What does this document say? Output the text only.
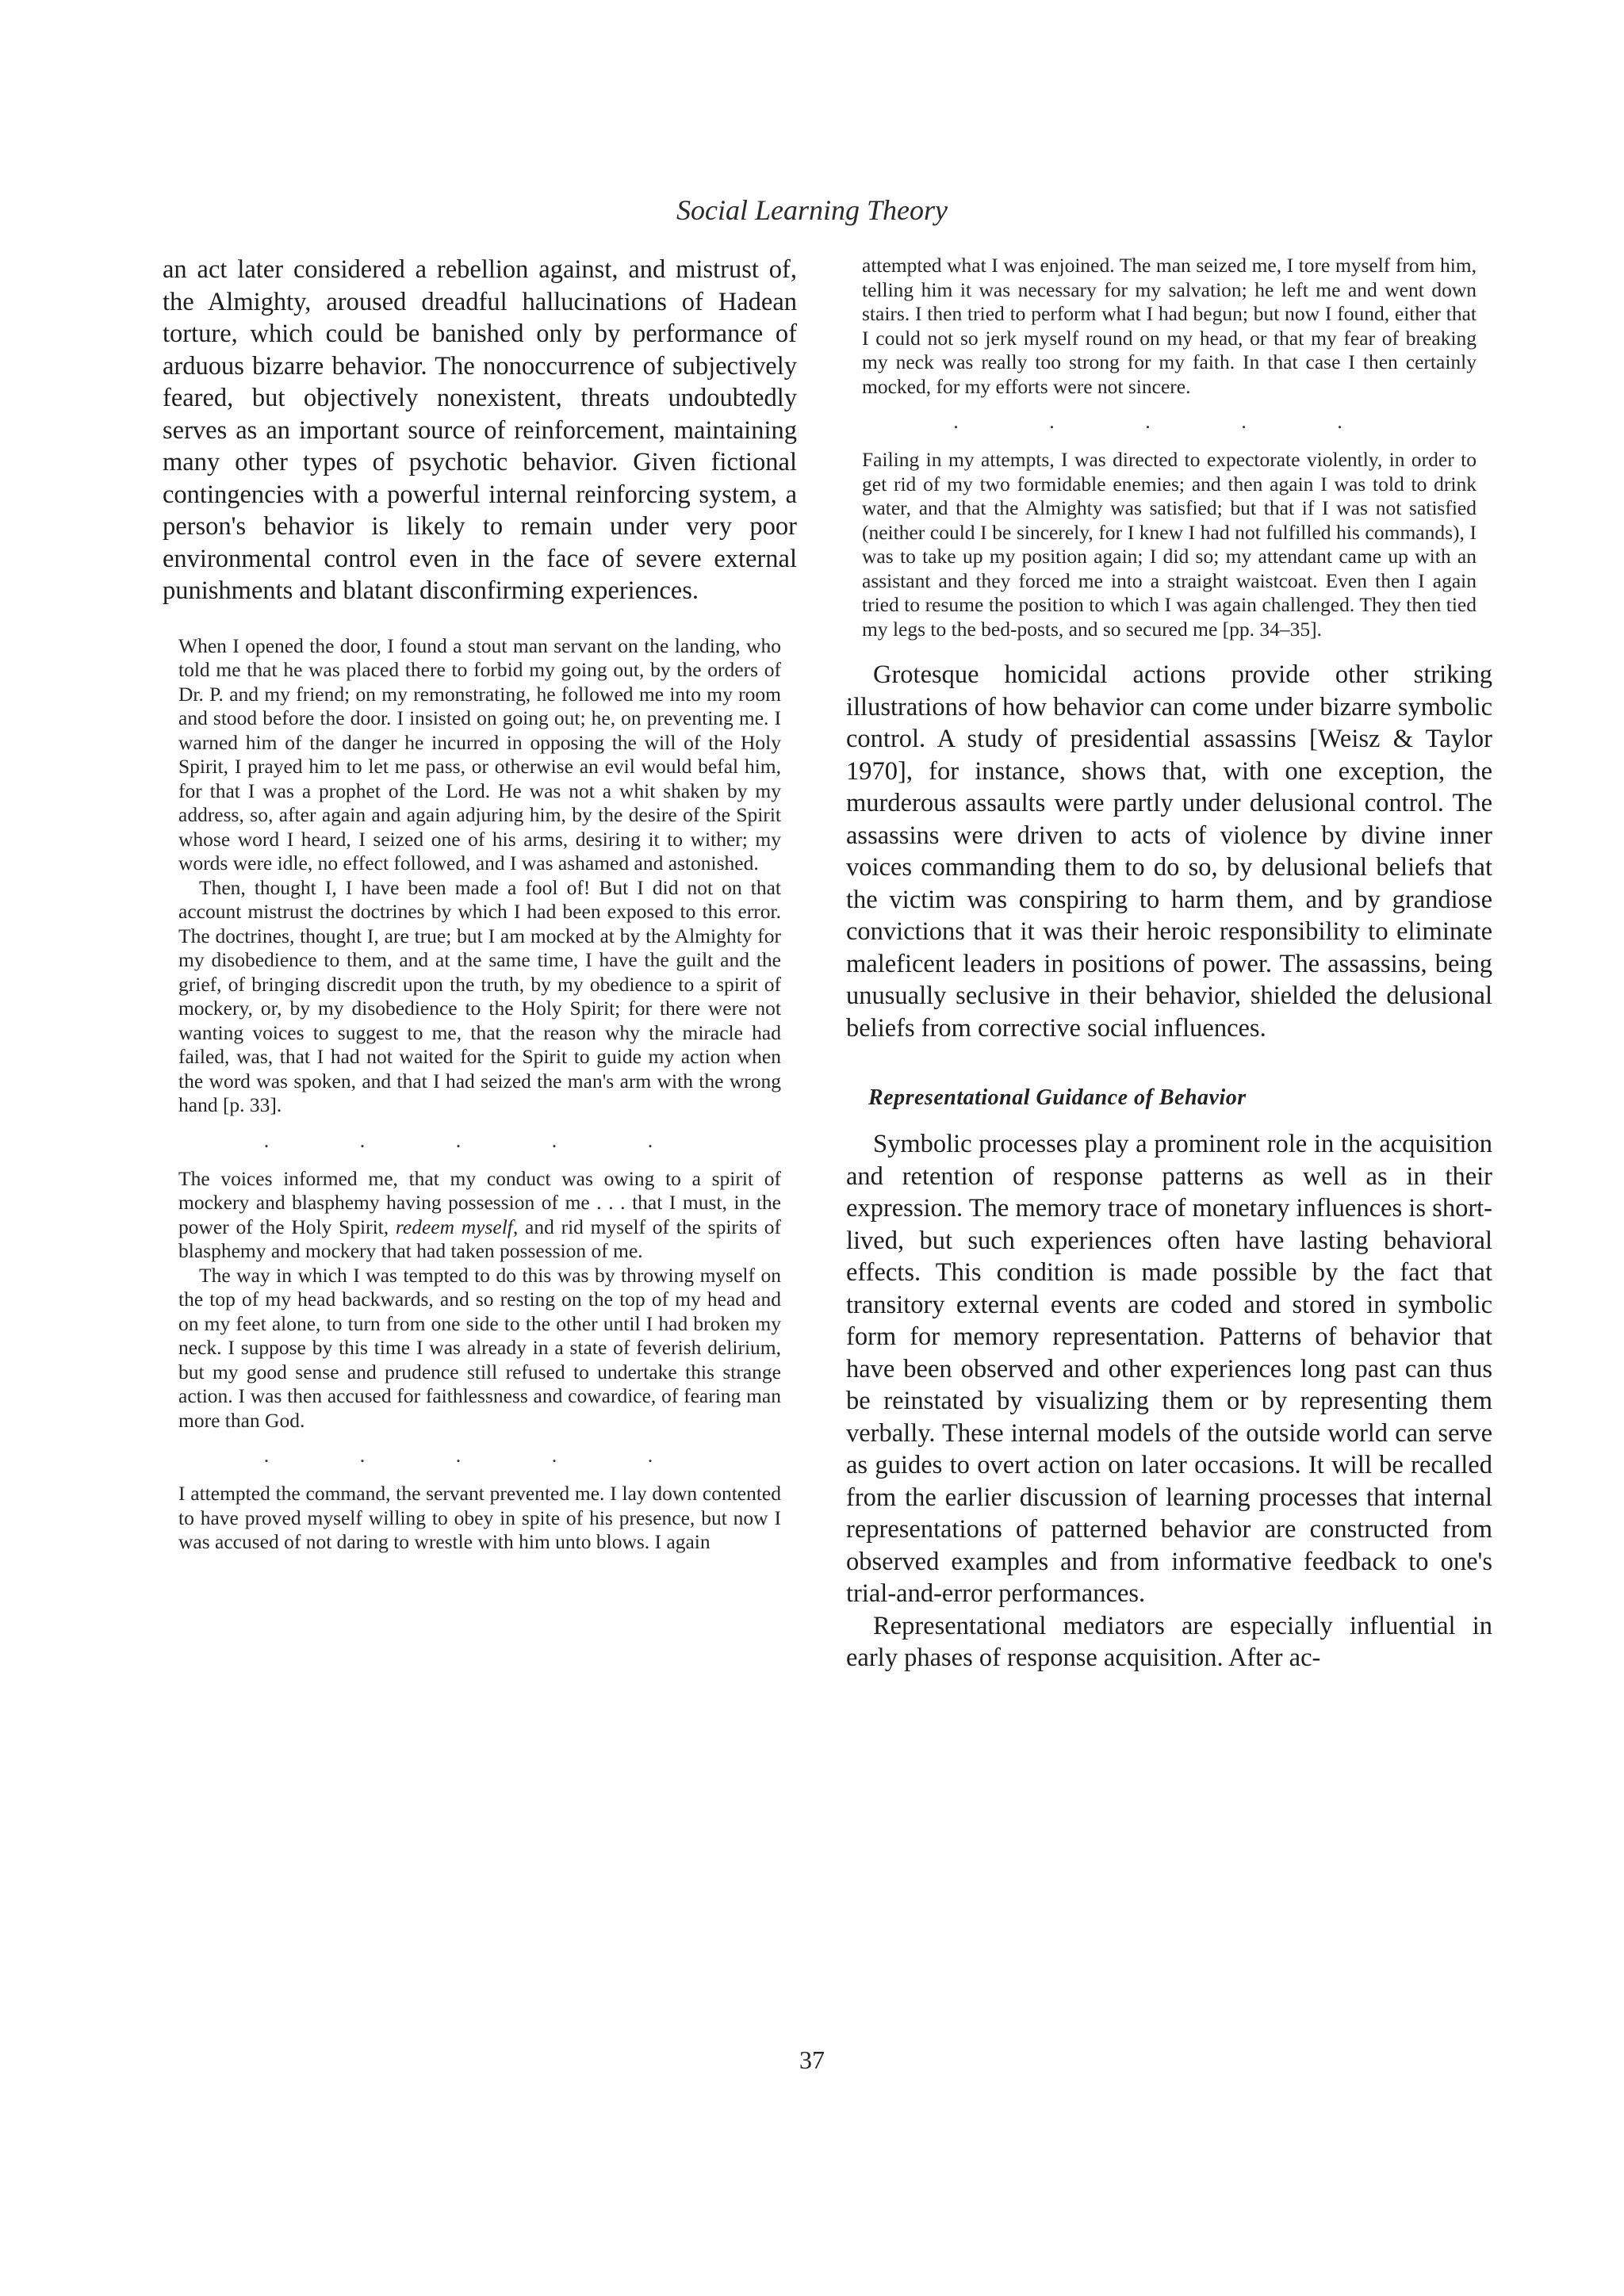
Social Learning Theory

an act later considered a rebellion against, and mistrust of, the Almighty, aroused dreadful hallucinations of Hadean torture, which could be banished only by performance of arduous bizarre behavior. The nonoccurrence of subjectively feared, but objectively nonexistent, threats undoubtedly serves as an important source of reinforcement, maintaining many other types of psychotic behavior. Given fictional contingencies with a powerful internal reinforcing system, a person's behavior is likely to remain under very poor environmental control even in the face of severe external punishments and blatant disconfirming experiences.

When I opened the door, I found a stout man servant on the landing, who told me that he was placed there to forbid my going out, by the orders of Dr. P. and my friend; on my remonstrating, he followed me into my room and stood before the door. I insisted on going out; he, on preventing me. I warned him of the danger he incurred in opposing the will of the Holy Spirit, I prayed him to let me pass, or otherwise an evil would befal him, for that I was a prophet of the Lord. He was not a whit shaken by my address, so, after again and again adjuring him, by the desire of the Spirit whose word I heard, I seized one of his arms, desiring it to wither; my words were idle, no effect followed, and I was ashamed and astonished.
Then, thought I, I have been made a fool of! But I did not on that account mistrust the doctrines by which I had been exposed to this error. The doctrines, thought I, are true; but I am mocked at by the Almighty for my disobedience to them, and at the same time, I have the guilt and the grief, of bringing discredit upon the truth, by my obedience to a spirit of mockery, or, by my disobedience to the Holy Spirit; for there were not wanting voices to suggest to me, that the reason why the miracle had failed, was, that I had not waited for the Spirit to guide my action when the word was spoken, and that I had seized the man's arm with the wrong hand [p. 33].
. . . . .
The voices informed me, that my conduct was owing to a spirit of mockery and blasphemy having possession of me . . . that I must, in the power of the Holy Spirit, redeem myself, and rid myself of the spirits of blasphemy and mockery that had taken possession of me.
The way in which I was tempted to do this was by throwing myself on the top of my head backwards, and so resting on the top of my head and on my feet alone, to turn from one side to the other until I had broken my neck. I suppose by this time I was already in a state of feverish delirium, but my good sense and prudence still refused to undertake this strange action. I was then accused for faithlessness and cowardice, of fearing man more than God.
. . . . .
I attempted the command, the servant prevented me. I lay down contented to have proved myself willing to obey in spite of his presence, but now I was accused of not daring to wrestle with him unto blows. I again
attempted what I was enjoined. The man seized me, I tore myself from him, telling him it was necessary for my salvation; he left me and went down stairs. I then tried to perform what I had begun; but now I found, either that I could not so jerk myself round on my head, or that my fear of breaking my neck was really too strong for my faith. In that case I then certainly mocked, for my efforts were not sincere.
. . . . .
Failing in my attempts, I was directed to expectorate violently, in order to get rid of my two formidable enemies; and then again I was told to drink water, and that the Almighty was satisfied; but that if I was not satisfied (neither could I be sincerely, for I knew I had not fulfilled his commands), I was to take up my position again; I did so; my attendant came up with an assistant and they forced me into a straight waistcoat. Even then I again tried to resume the position to which I was again challenged. They then tied my legs to the bed-posts, and so secured me [pp. 34–35].

Grotesque homicidal actions provide other striking illustrations of how behavior can come under bizarre symbolic control. A study of presidential assassins [Weisz & Taylor 1970], for instance, shows that, with one exception, the murderous assaults were partly under delusional control. The assassins were driven to acts of violence by divine inner voices commanding them to do so, by delusional beliefs that the victim was conspiring to harm them, and by grandiose convictions that it was their heroic responsibility to eliminate maleficent leaders in positions of power. The assassins, being unusually seclusive in their behavior, shielded the delusional beliefs from corrective social influences.

Representational Guidance of Behavior

Symbolic processes play a prominent role in the acquisition and retention of response patterns as well as in their expression. The memory trace of monetary influences is short-lived, but such experiences often have lasting behavioral effects. This condition is made possible by the fact that transitory external events are coded and stored in symbolic form for memory representation. Patterns of behavior that have been observed and other experiences long past can thus be reinstated by visualizing them or by representing them verbally. These internal models of the outside world can serve as guides to overt action on later occasions. It will be recalled from the earlier discussion of learning processes that internal representations of patterned behavior are constructed from observed examples and from informative feedback to one's trial-and-error performances.

Representational mediators are especially influential in early phases of response acquisition. After ac-

37
